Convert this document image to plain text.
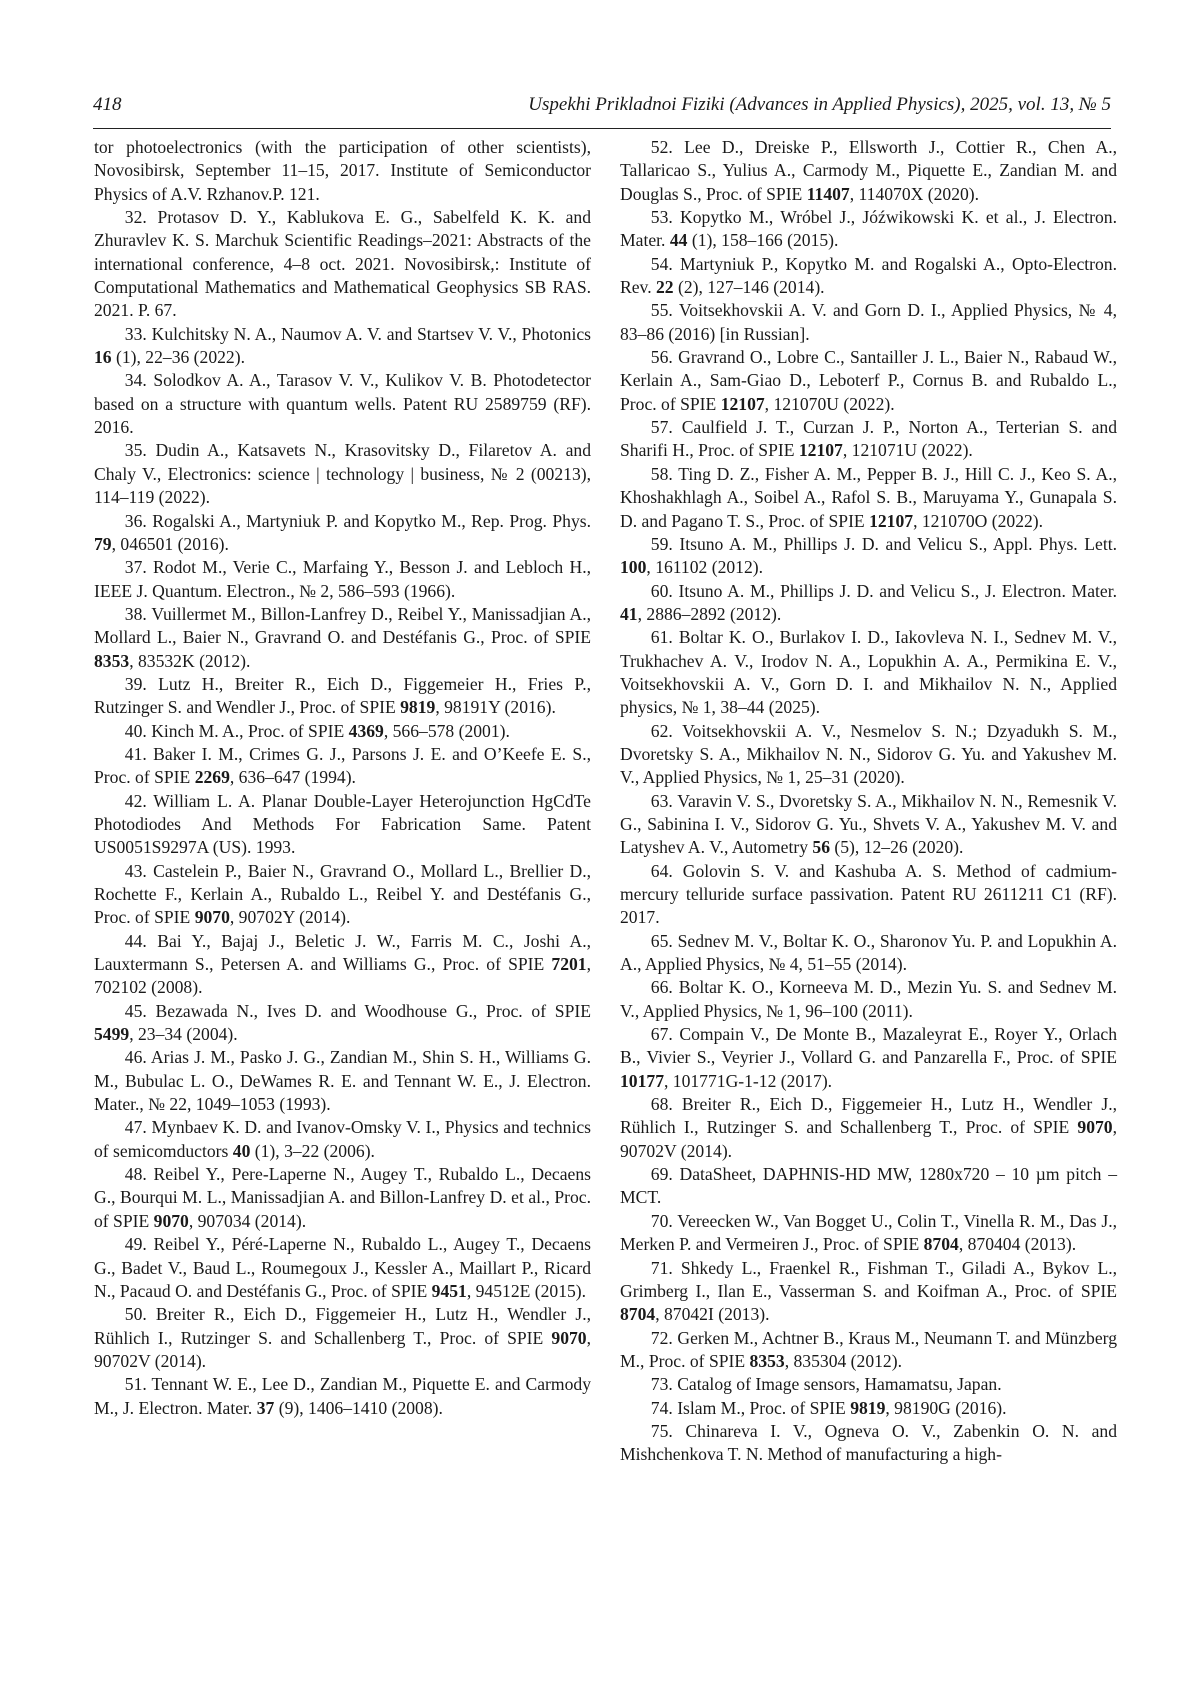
418	Uspekhi Prikladnoi Fiziki (Advances in Applied Physics), 2025, vol. 13, № 5

tor photoelectronics (with the participation of other scien­tists), Novosibirsk, September 11–15, 2017. Institute of Semiconductor Physics of A.V. Rzhanov.P. 121.

32. Protasov D. Y., Kablukova E. G., Sabelfeld K. K. and Zhuravlev K. S. Marchuk Scientific Readings–2021: Abstracts of the international conference, 4–8 oct. 2021. Novosibirsk,: Institute of Computational Mathematics and Mathematical Geophysics SB RAS. 2021. P. 67.

33. Kulchitsky N. A., Naumov A. V. and Startsev V. V., Photonics 16 (1), 22–36 (2022).

34. Solodkov A. A., Tarasov V. V., Kulikov V. B. Photodetector based on a structure with quantum wells. Patent RU 2589759 (RF). 2016.

35. Dudin A., Katsavets N., Krasovitsky D., Fila­retov A. and Chaly V., Electronics: science | technology | business, № 2 (00213), 114–119 (2022).

36. Rogalski A., Martyniuk P. and Kopytko M., Rep. Prog. Phys. 79, 046501 (2016).

37. Rodot M., Verie C., Marfaing Y., Besson J. and Lebloch H., IEEE J. Quantum. Electron., № 2, 586–593 (1966).

38. Vuillermet M., Billon-Lanfrey D., Reibel Y., Manissadjian A., Mollard L., Baier N., Gravrand O. and Destéfanis G., Proc. of SPIE 8353, 83532K (2012).

39. Lutz H., Breiter R., Eich D., Figgemeier H., Fries P., Rutzinger S. and Wendler J., Proc. of SPIE 9819, 98191Y (2016).

40. Kinch M. A., Proc. of SPIE 4369, 566–578 (2001).

41. Baker I. M., Crimes G. J., Parsons J. E. and O’Keefe E. S., Proc. of SPIE 2269, 636–647 (1994).

42. William L. A. Planar Double-Layer Hetero­junction HgCdTe Photodiodes And Methods For Fabrication Same. Patent US0051S9297A (US). 1993.

43. Castelein P., Baier N., Gravrand O., Mollard L., Brellier D., Rochette F., Kerlain A., Rubaldo L., Reibel Y. and Destéfanis G., Proc. of SPIE 9070, 90702Y (2014).

44. Bai Y., Bajaj J., Beletic J. W., Farris M. C., Joshi A., Lauxtermann S., Petersen A. and Williams G., Proc. of SPIE 7201, 702102 (2008).

45. Bezawada N., Ives D. and Woodhouse G., Proc. of SPIE 5499, 23–34 (2004).

46. Arias J. M., Pasko J. G., Zandian M., Shin S. H., Williams G. M., Bubulac L. O., DeWames R. E. and Tennant W. E., J. Electron. Mater., № 22, 1049–1053 (1993).

47. Mynbaev K. D. and Ivanov-Omsky V. I., Physics and technics of semicomductors 40 (1), 3–22 (2006).

48. Reibel Y., Pere-Laperne N., Augey T., Rubal­do L., Decaens G., Bourqui M. L., Manissadjian A. and Billon-Lanfrey D. et al., Proc. of SPIE 9070, 907034 (2014).

49. Reibel Y., Péré-Laperne N., Rubaldo L., Augey T., Decaens G., Badet V., Baud L., Roumegoux J., Kessler A., Maillart P., Ricard N., Pacaud O. and Destéfanis G., Proc. of SPIE 9451, 94512E (2015).

50. Breiter R., Eich D., Figgemeier H., Lutz H., Wendler J., Rühlich I., Rutzinger S. and Schallenberg T., Proc. of SPIE 9070, 90702V (2014).

51. Tennant W. E., Lee D., Zandian M., Piquette E. and Carmody M., J. Electron. Mater. 37 (9), 1406–1410 (2008).

52. Lee D., Dreiske P., Ellsworth J., Cottier R., Chen A., Tallaricao S., Yulius A., Carmody M., Piquette E., Zandian M. and Douglas S., Proc. of SPIE 11407, 114070X (2020).

53. Kopytko M., Wróbel J., Jóźwikowski K. et al., J. Electron. Mater. 44 (1), 158–166 (2015).

54. Martyniuk P., Kopytko M. and Rogalski A., Opto-Electron. Rev. 22 (2), 127–146 (2014).

55. Voitsekhovskii A. V. and Gorn D. I., Applied Physics, № 4, 83–86 (2016) [in Russian].

56. Gravrand O., Lobre C., Santailler J. L., Baier N., Rabaud W., Kerlain A., Sam-Giao D., Leboterf P., Cor­nus B. and Rubaldo L., Proc. of SPIE 12107, 121070U (2022).

57. Caulfield J. T., Curzan J. P., Norton A., Terteri­an S. and Sharifi H., Proc. of SPIE 12107, 121071U (2022).

58. Ting D. Z., Fisher A. M., Pepper B. J., Hill C. J., Keo S. A., Khoshakhlagh A., Soibel A., Rafol S. B., Maruyama Y., Gunapala S. D. and Pagano T. S., Proc. of SPIE 12107, 121070O (2022).

59. Itsuno A. M., Phillips J. D. and Velicu S., Appl. Phys. Lett. 100, 161102 (2012).

60. Itsuno A. M., Phillips J. D. and Velicu S., J. Elec­tron. Mater. 41, 2886–2892 (2012).

61. Boltar K. O., Burlakov I. D., Iakovleva N. I., Sednev M. V., Trukhachev A. V., Irodov N. A., Lopu­khin A. A., Permikina E. V., Voitsekhovskii A. V., Gorn D. I. and Mikhailov N. N., Applied physics, № 1, 38–44 (2025).

62. Voitsekhovskii A. V., Nesmelov S. N.; Dzya­dukh S. M., Dvoretsky S. A., Mikhailov N. N., Sido­rov G. Yu. and Yakushev M. V., Applied Physics, № 1, 25–31 (2020).

63. Varavin V. S., Dvoretsky S. A., Mikhailov N. N., Remesnik V. G., Sabinina I. V., Sidorov G. Yu., Shvets V. A., Yakushev M. V. and Latyshev A. V., Autometry 56 (5), 12–26 (2020).

64. Golovin S. V. and Kashuba A. S. Method of cad­mium-mercury telluride surface passivation. Patent RU 2611211 C1 (RF). 2017.

65. Sednev M. V., Boltar K. O., Sharonov Yu. P. and Lopukhin A. A., Applied Physics, № 4, 51–55 (2014).

66. Boltar K. O., Korneeva M. D., Mezin Yu. S. and Sednev M. V., Applied Physics, № 1, 96–100 (2011).

67. Compain V., De Monte B., Mazaleyrat E., Roy­er Y., Orlach B., Vivier S., Veyrier J., Vollard G. and Panzarella F., Proc. of SPIE 10177, 101771G-1-12 (2017).

68. Breiter R., Eich D., Figgemeier H., Lutz H., Wendler J., Rühlich I., Rutzinger S. and Schallenberg T., Proc. of SPIE 9070, 90702V (2014).

69. DataSheet, DAPHNIS-HD MW, 1280x720 – 10 µm pitch – MCT.

70. Vereecken W., Van Bogget U., Colin T., Vinella R. M., Das J., Merken P. and Vermeiren J., Proc. of SPIE 8704, 870404 (2013).

71. Shkedy L., Fraenkel R., Fishman T., Giladi A., Bykov L., Grimberg I., Ilan E., Vasserman S. and Koifman A., Proc. of SPIE 8704, 87042I (2013).

72. Gerken M., Achtner B., Kraus M., Neumann T. and Münzberg M., Proc. of SPIE 8353, 835304 (2012).

73. Catalog of Image sensors, Hamamatsu, Japan.

74. Islam M., Proc. of SPIE 9819, 98190G (2016).

75. Chinareva I. V., Ogneva O. V., Zabenkin O. N. and Mishchenkova T. N. Method of manufacturing a high-
